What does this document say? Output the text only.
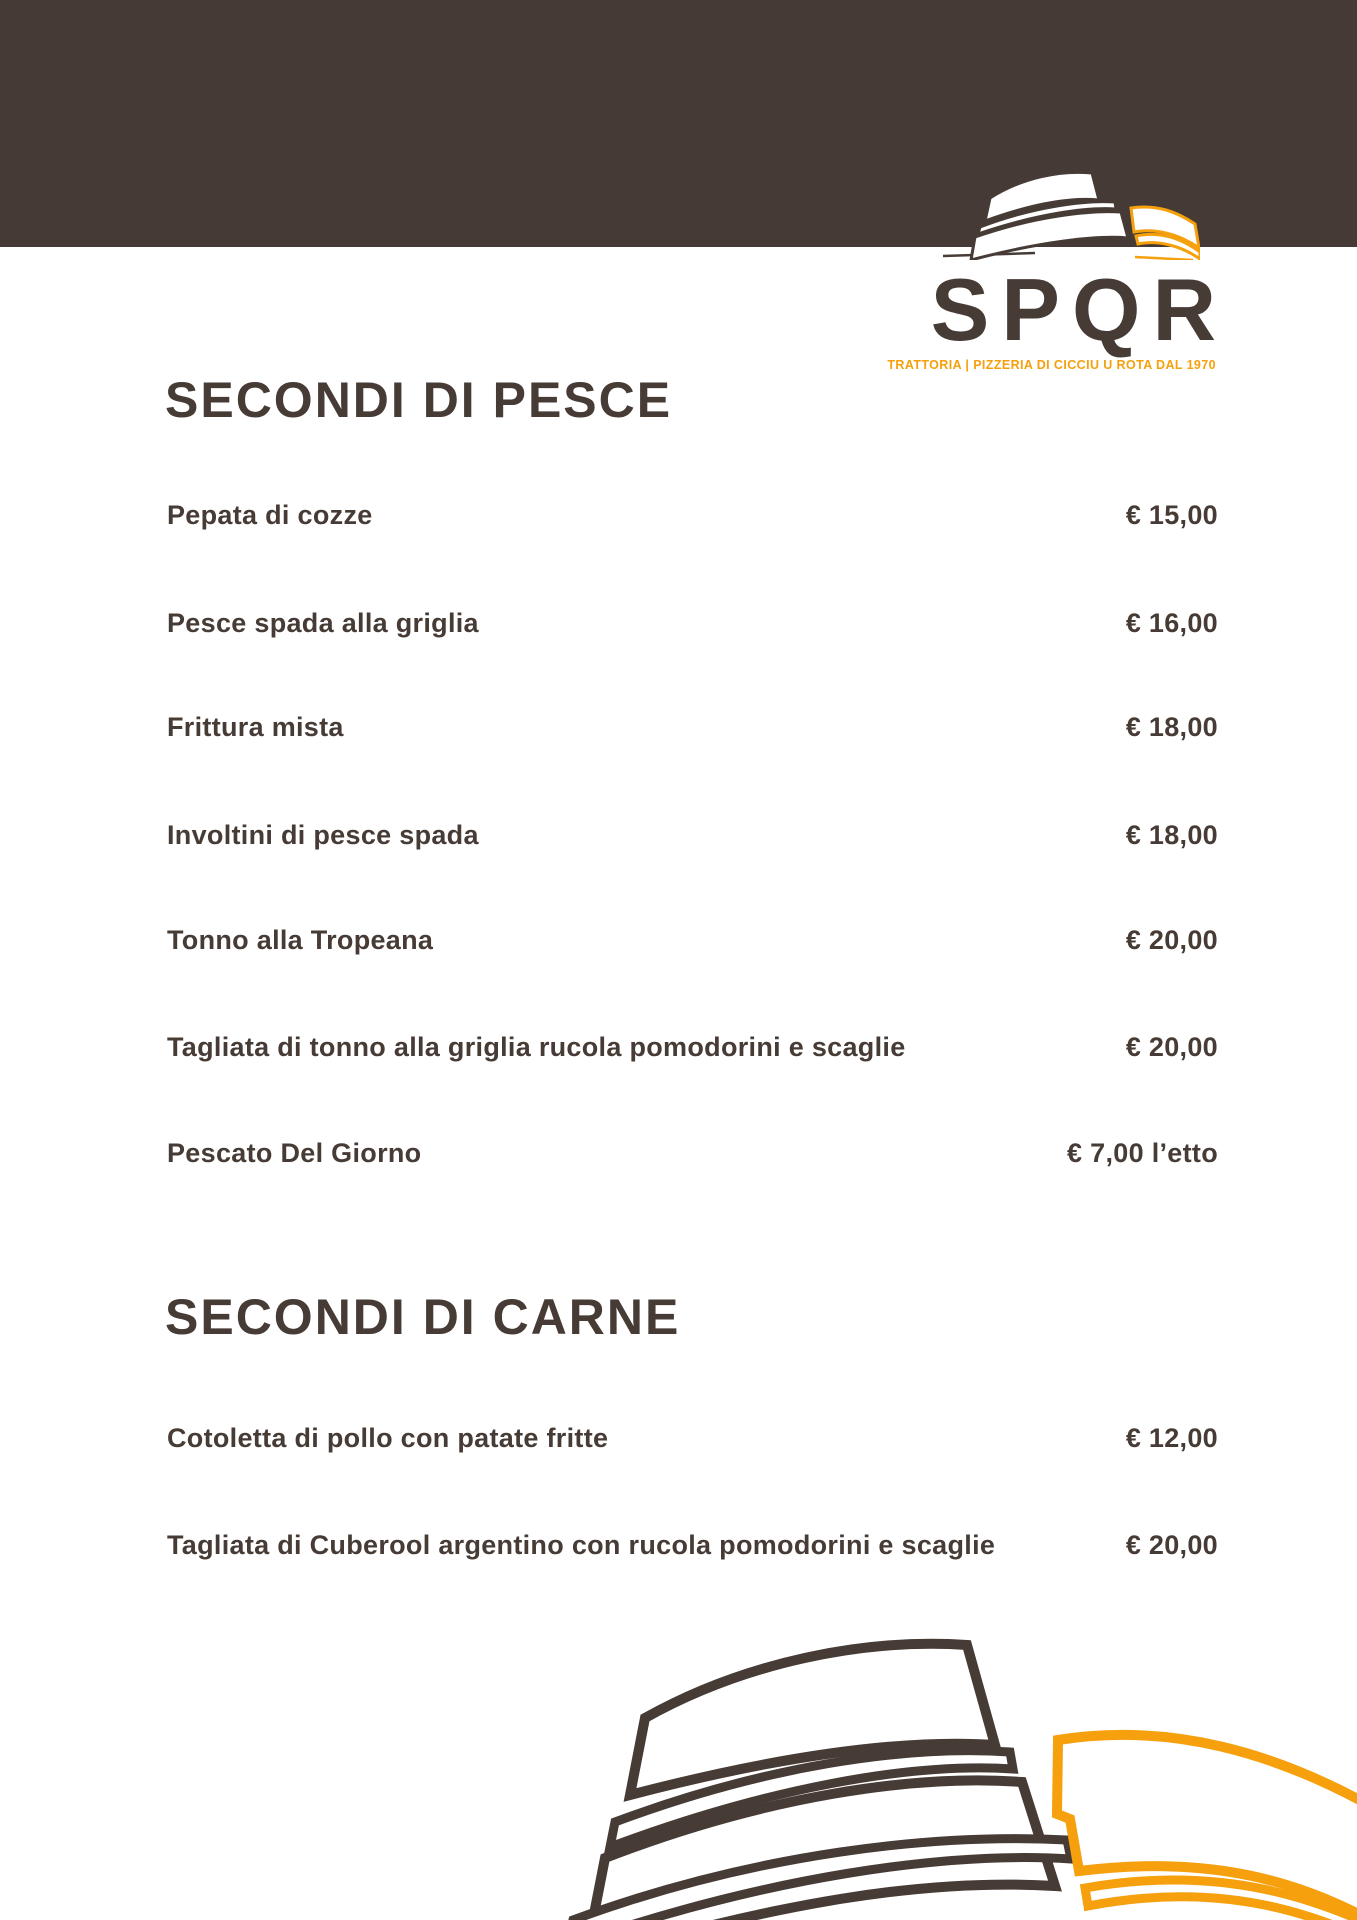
SPQR
TRATTORIA | PIZZERIA DI CICCIU U ROTA DAL 1970
SECONDI DI PESCE
Pepata di cozze	€ 15,00
Pesce spada alla griglia	€ 16,00
Frittura mista	€ 18,00
Involtini di pesce spada	€ 18,00
Tonno alla Tropeana	€ 20,00
Tagliata di tonno alla griglia rucola pomodorini e scaglie	€ 20,00
Pescato Del Giorno	€ 7,00 l’etto
SECONDI DI CARNE
Cotoletta di pollo con patate fritte	€ 12,00
Tagliata di Cuberool argentino con rucola pomodorini e scaglie	€ 20,00
